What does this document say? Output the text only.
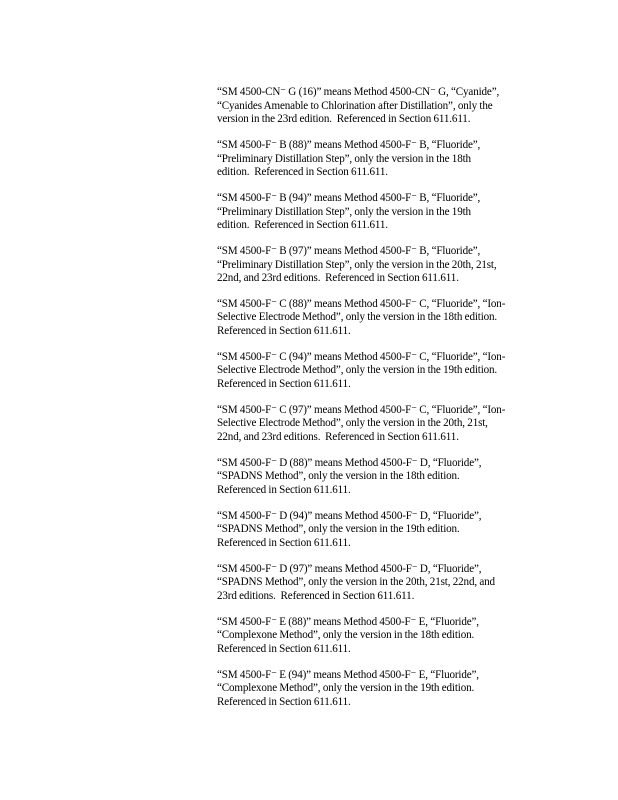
“SM 4500-CN⁻ G (16)” means Method 4500-CN⁻ G, “Cyanide”,
“Cyanides Amenable to Chlorination after Distillation”, only the
version in the 23rd edition.  Referenced in Section 611.611.

“SM 4500-F⁻ B (88)” means Method 4500-F⁻ B, “Fluoride”,
“Preliminary Distillation Step”, only the version in the 18th
edition.  Referenced in Section 611.611.

“SM 4500-F⁻ B (94)” means Method 4500-F⁻ B, “Fluoride”,
“Preliminary Distillation Step”, only the version in the 19th
edition.  Referenced in Section 611.611.

“SM 4500-F⁻ B (97)” means Method 4500-F⁻ B, “Fluoride”,
“Preliminary Distillation Step”, only the version in the 20th, 21st,
22nd, and 23rd editions.  Referenced in Section 611.611.

“SM 4500-F⁻ C (88)” means Method 4500-F⁻ C, “Fluoride”, “Ion-
Selective Electrode Method”, only the version in the 18th edition.
Referenced in Section 611.611.

“SM 4500-F⁻ C (94)” means Method 4500-F⁻ C, “Fluoride”, “Ion-
Selective Electrode Method”, only the version in the 19th edition.
Referenced in Section 611.611.

“SM 4500-F⁻ C (97)” means Method 4500-F⁻ C, “Fluoride”, “Ion-
Selective Electrode Method”, only the version in the 20th, 21st,
22nd, and 23rd editions.  Referenced in Section 611.611.

“SM 4500-F⁻ D (88)” means Method 4500-F⁻ D, “Fluoride”,
“SPADNS Method”, only the version in the 18th edition.
Referenced in Section 611.611.

“SM 4500-F⁻ D (94)” means Method 4500-F⁻ D, “Fluoride”,
“SPADNS Method”, only the version in the 19th edition.
Referenced in Section 611.611.

“SM 4500-F⁻ D (97)” means Method 4500-F⁻ D, “Fluoride”,
“SPADNS Method”, only the version in the 20th, 21st, 22nd, and
23rd editions.  Referenced in Section 611.611.

“SM 4500-F⁻ E (88)” means Method 4500-F⁻ E, “Fluoride”,
“Complexone Method”, only the version in the 18th edition.
Referenced in Section 611.611.

“SM 4500-F⁻ E (94)” means Method 4500-F⁻ E, “Fluoride”,
“Complexone Method”, only the version in the 19th edition.
Referenced in Section 611.611.
